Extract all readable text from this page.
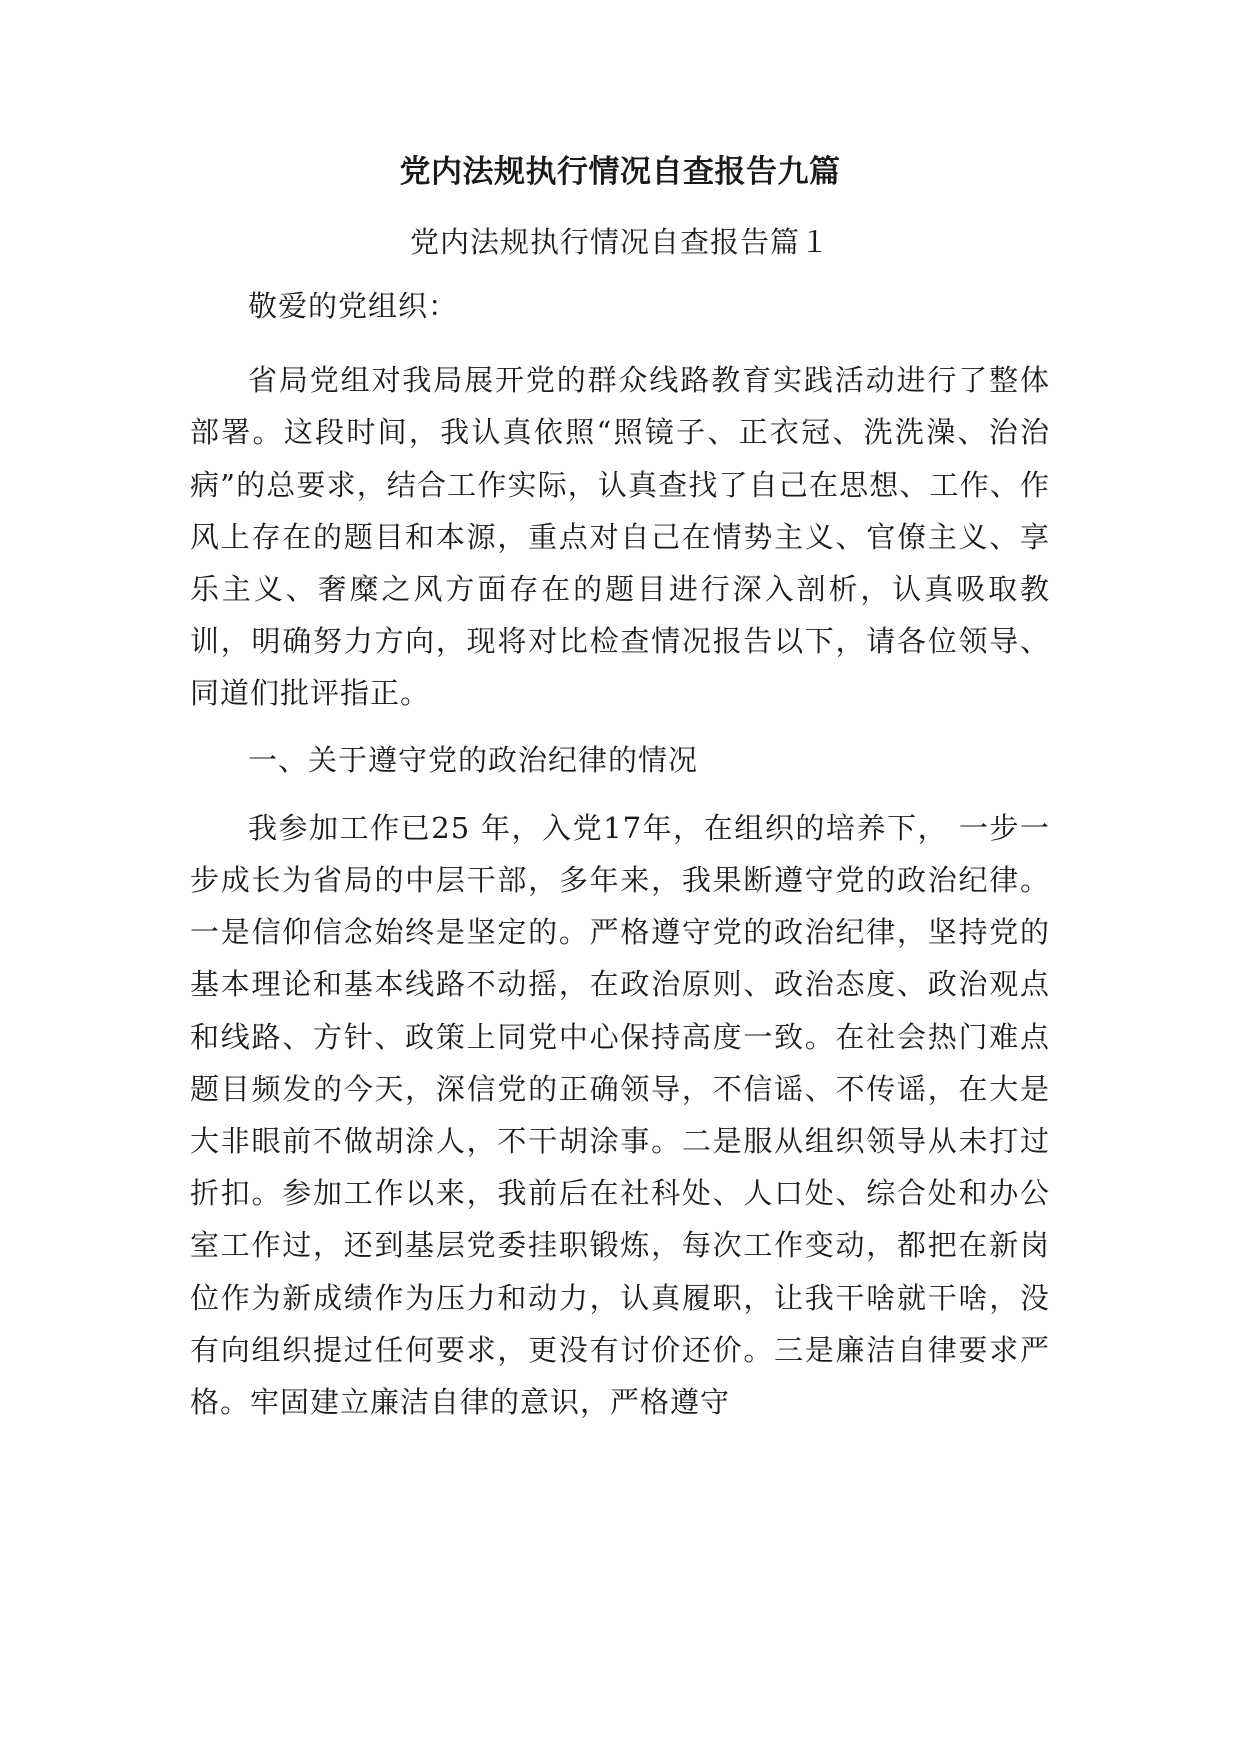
党内法规执行情况自查报告九篇
党内法规执行情况自查报告篇１

敬爱的党组织：

省局党组对我局展开党的群众线路教育实践活动进行了整体部署。这段时间，我认真依照“照镜子、正衣冠、洗洗澡、治治病”的总要求，结合工作实际，认真查找了自己在思想、工作、作风上存在的题目和本源，重点对自己在情势主义、官僚主义、享乐主义、奢糜之风方面存在的题目进行深入剖析，认真吸取教训，明确努力方向，现将对比检查情况报告以下，请各位领导、同道们批评指正。

一、关于遵守党的政治纪律的情况

我参加工作已25 年，入党17年，在组织的培养下， 一步一步成长为省局的中层干部，多年来，我果断遵守党的政治纪律。 一是信仰信念始终是坚定的。严格遵守党的政治纪律，坚持党的基本理论和基本线路不动摇，在政治原则、政治态度、政治观点和线路、方针、政策上同党中心保持高度一致。在社会热门难点题目频发的今天，深信党的正确领导，不信谣、不传谣，在大是大非眼前不做胡涂人，不干胡涂事。二是服从组织领导从未打过折扣。参加工作以来，我前后在社科处、人口处、综合处和办公室工作过，还到基层党委挂职锻炼，每次工作变动，都把在新岗位作为新成绩作为压力和动力，认真履职，让我干啥就干啥，没有向组织提过任何要求，更没有讨价还价。三是廉洁自律要求严格。牢固建立廉洁自律的意识，严格遵守
